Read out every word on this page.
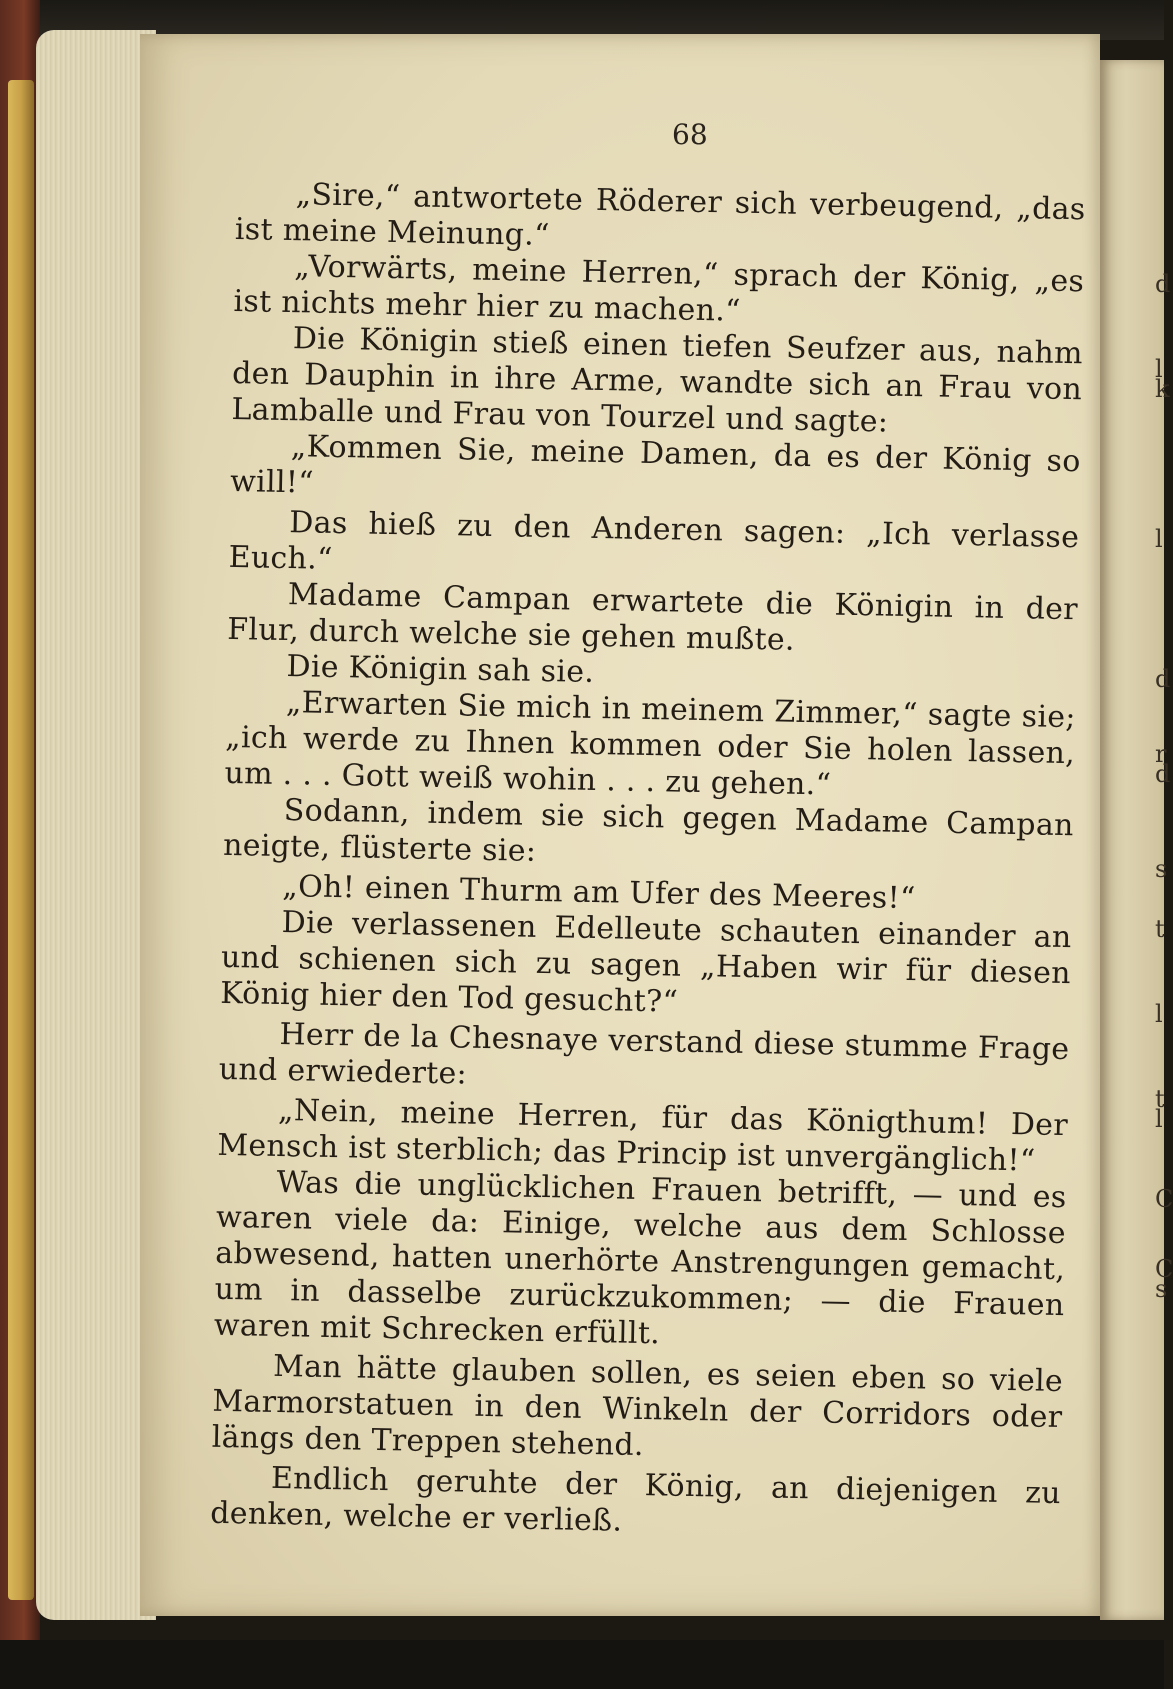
d
l
k
l
d
r
d
s
t
l
t
l
C
C
s
68

„Sire,“ antwortete Röderer sich verbeugend, „das ist meine Meinung.“

„Vorwärts, meine Herren,“ sprach der König, „es ist nichts mehr hier zu machen.“

Die Königin stieß einen tiefen Seufzer aus, nahm den Dauphin in ihre Arme, wandte sich an Frau von Lamballe und Frau von Tourzel und sagte:

„Kommen Sie, meine Damen, da es der König so will!“

Das hieß zu den Anderen sagen: „Ich verlasse Euch.“

Madame Campan erwartete die Königin in der Flur, durch welche sie gehen mußte.

Die Königin sah sie.

„Erwarten Sie mich in meinem Zimmer,“ sagte sie; „ich werde zu Ihnen kommen oder Sie holen lassen, um . . . Gott weiß wohin . . . zu gehen.“

Sodann, indem sie sich gegen Madame Campan neigte, flüsterte sie:

„Oh! einen Thurm am Ufer des Meeres!“

Die verlassenen Edelleute schauten einander an und schienen sich zu sagen „Haben wir für diesen König hier den Tod gesucht?“

Herr de la Chesnaye verstand diese stumme Frage und erwiederte:

„Nein, meine Herren, für das Königthum! Der Mensch ist sterblich; das Princip ist unvergänglich!“

Was die unglücklichen Frauen betrifft, — und es waren viele da: Einige, welche aus dem Schlosse abwesend, hatten unerhörte Anstrengungen gemacht, um in dasselbe zurückzukommen; — die Frauen waren mit Schrecken erfüllt.

Man hätte glauben sollen, es seien eben so viele Marmorstatuen in den Winkeln der Corridors oder längs den Treppen stehend.

Endlich geruhte der König, an diejenigen zu denken, welche er verließ.
